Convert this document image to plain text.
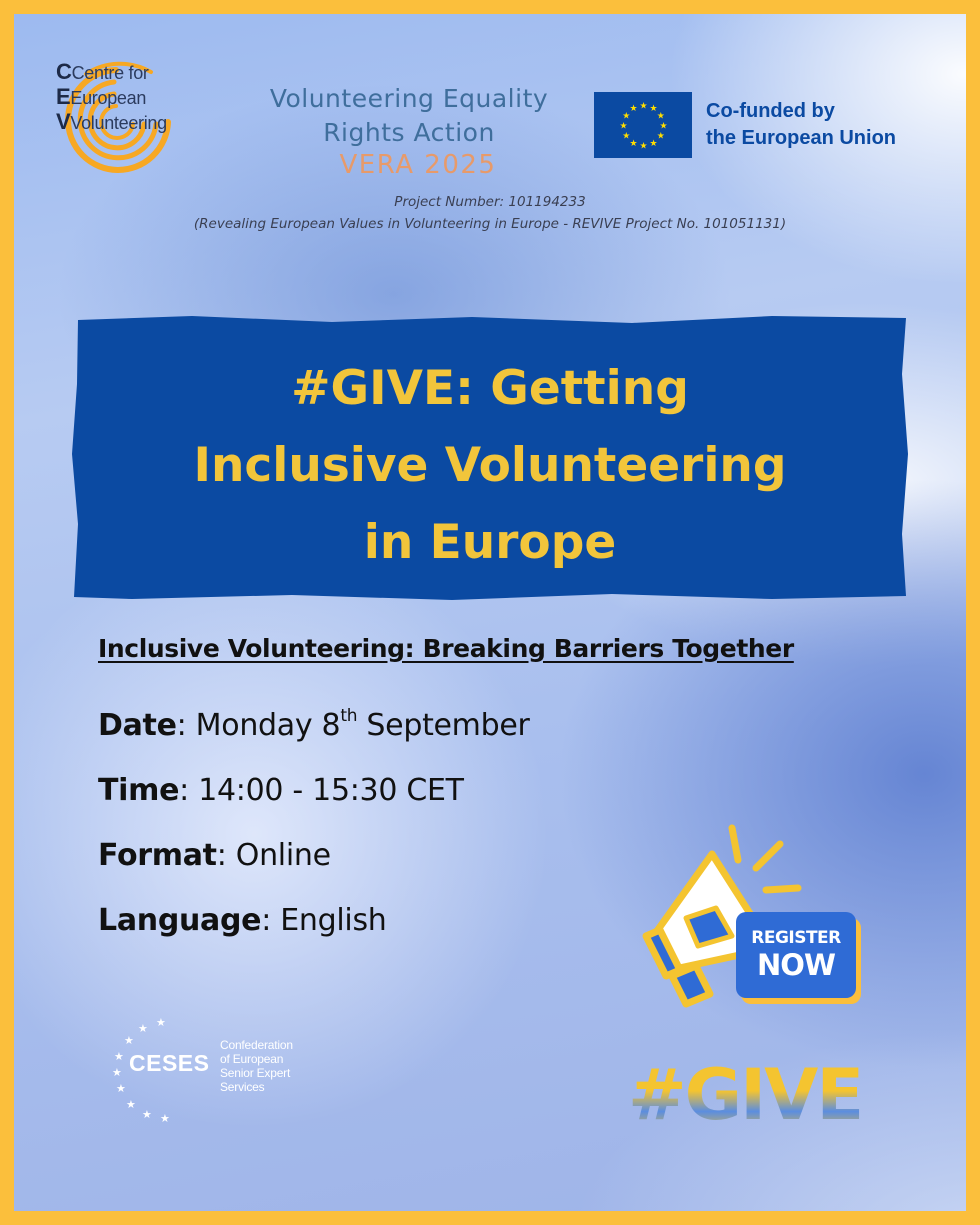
CCentre for
EEuropean
VVolunteering
Volunteering Equality
Rights Action
VERA 2025
★
★
★
★
★
★
★
★
★ ★ ★
★ Co-funded by
the European Union
Project Number: 101194233
(Revealing European Values in Volunteering in Europe - REVIVE Project No. 101051131)
#GIVE: Getting
Inclusive Volunteering
in Europe
Inclusive Volunteering: Breaking Barriers Together
Date: Monday 8th September
Time: 14:00 - 15:30 CET
Format: Online
Language: English
★
★
★
★
★
★
★
★ ★
CESES
Confederation
of European
Senior Expert
Services
REGISTER
NOW
#GIVE
